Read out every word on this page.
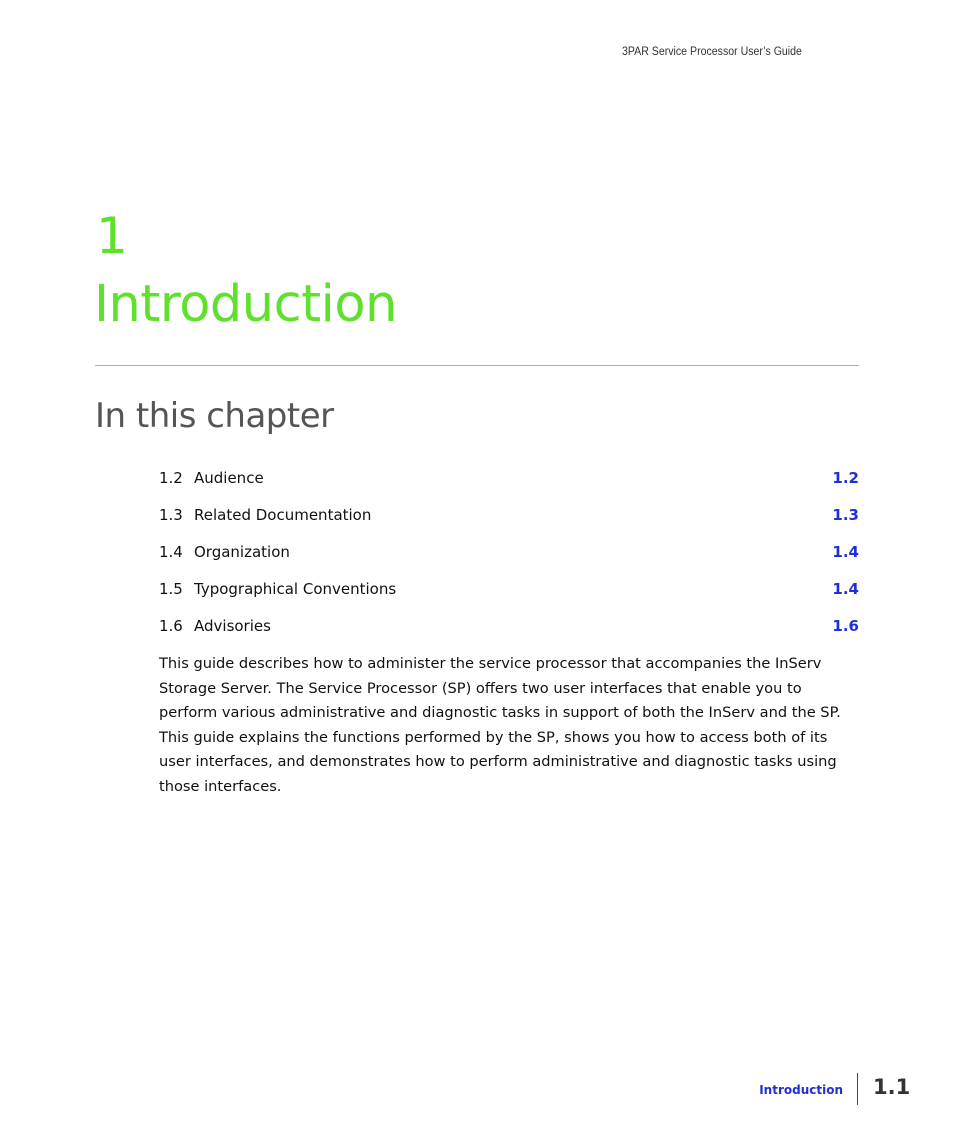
3PAR Service Processor User’s Guide
1
Introduction
In this chapter
1.2 Audience	1.2
1.3 Related Documentation	1.3
1.4 Organization	1.4
1.5 Typographical Conventions	1.4
1.6 Advisories	1.6

This guide describes how to administer the service processor that accompanies the InServ Storage Server. The Service Processor (SP) offers two user interfaces that enable you to perform various administrative and diagnostic tasks in support of both the InServ and the SP. This guide explains the functions performed by the SP, shows you how to access both of its user interfaces, and demonstrates how to perform administrative and diagnostic tasks using those interfaces.

Introduction 1.1
